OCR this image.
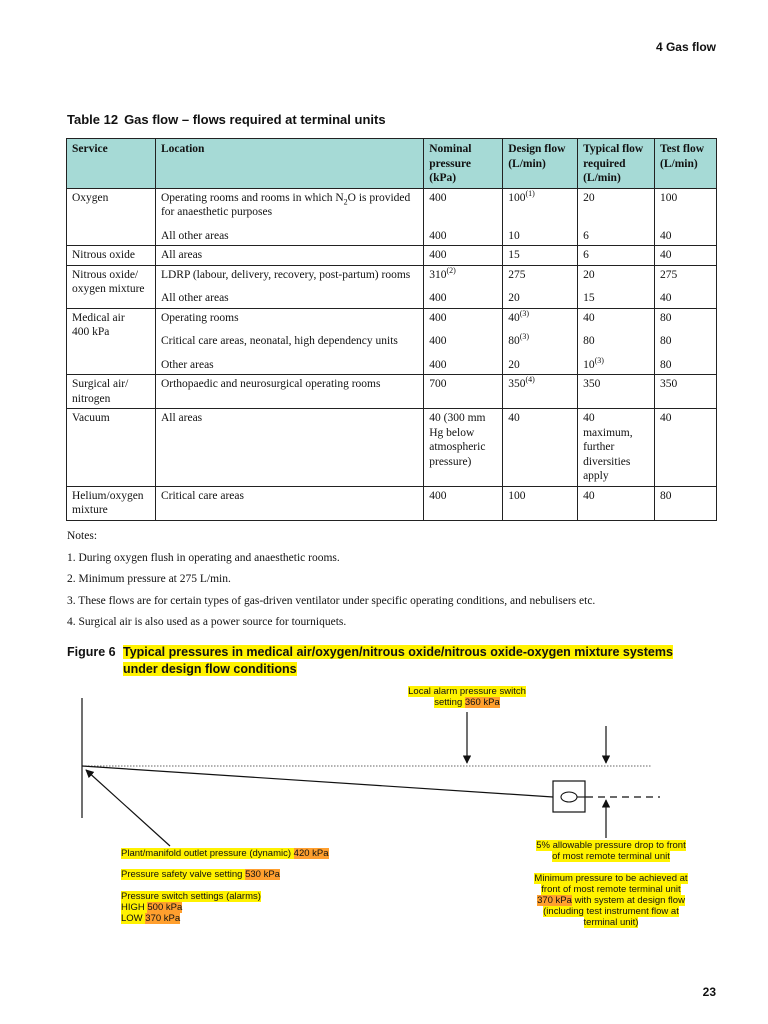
4 Gas flow
Table 12 Gas flow – flows required at terminal units
Service	Location	Nominal
pressure
(kPa)	Design flow
(L/min)	Typical flow
required
(L/min)	Test flow
(L/min)
Oxygen	Operating rooms and rooms in which $N_2O$ is provided for anaesthetic purposes	400	100$^{(1)}$	20	100
	All other areas	400	10	6	40
Nitrous oxide	All areas	400	15	6	40
Nitrous oxide/
oxygen mixture	LDRP (labour, delivery, recovery, post-partum) rooms	310$^{(2)}$	275	20	275
	All other areas	400	20	15	40
Medical air
400 kPa	Operating rooms	400	40$^{(3)}$	40	80
	Critical care areas, neonatal, high dependency units	400	80$^{(3)}$	80	80
	Other areas	400	20	10$^{(3)}$	80
Surgical air/
nitrogen	Orthopaedic and neurosurgical operating rooms	700	350$^{(4)}$	350	350
Vacuum	All areas	40 (300 mm
Hg below
atmospheric
pressure)	40	40
maximum,
further
diversities
apply	40
Helium/oxygen
mixture	Critical care areas	400	100	40	80
Notes:
1. During oxygen flush in operating and anaesthetic rooms.
2. Minimum pressure at 275 L/min.
3. These flows are for certain types of gas-driven ventilator under specific operating conditions, and nebulisers etc.
4. Surgical air is also used as a power source for tourniquets.
Figure 6 Typical pressures in medical air/oxygen/nitrous oxide/nitrous oxide-oxygen mixture systems
under design flow conditions
Local alarm pressure switch
setting 360 kPa
Plant/manifold outlet pressure (dynamic) 420 kPa
Pressure safety valve setting 530 kPa
Pressure switch settings (alarms)
HIGH 500 kPa
LOW 370 kPa
5% allowable pressure drop to front
of most remote terminal unit
Minimum pressure to be achieved at
front of most remote terminal unit
370 kPa with system at design flow
(including test instrument flow at
terminal unit)
23
